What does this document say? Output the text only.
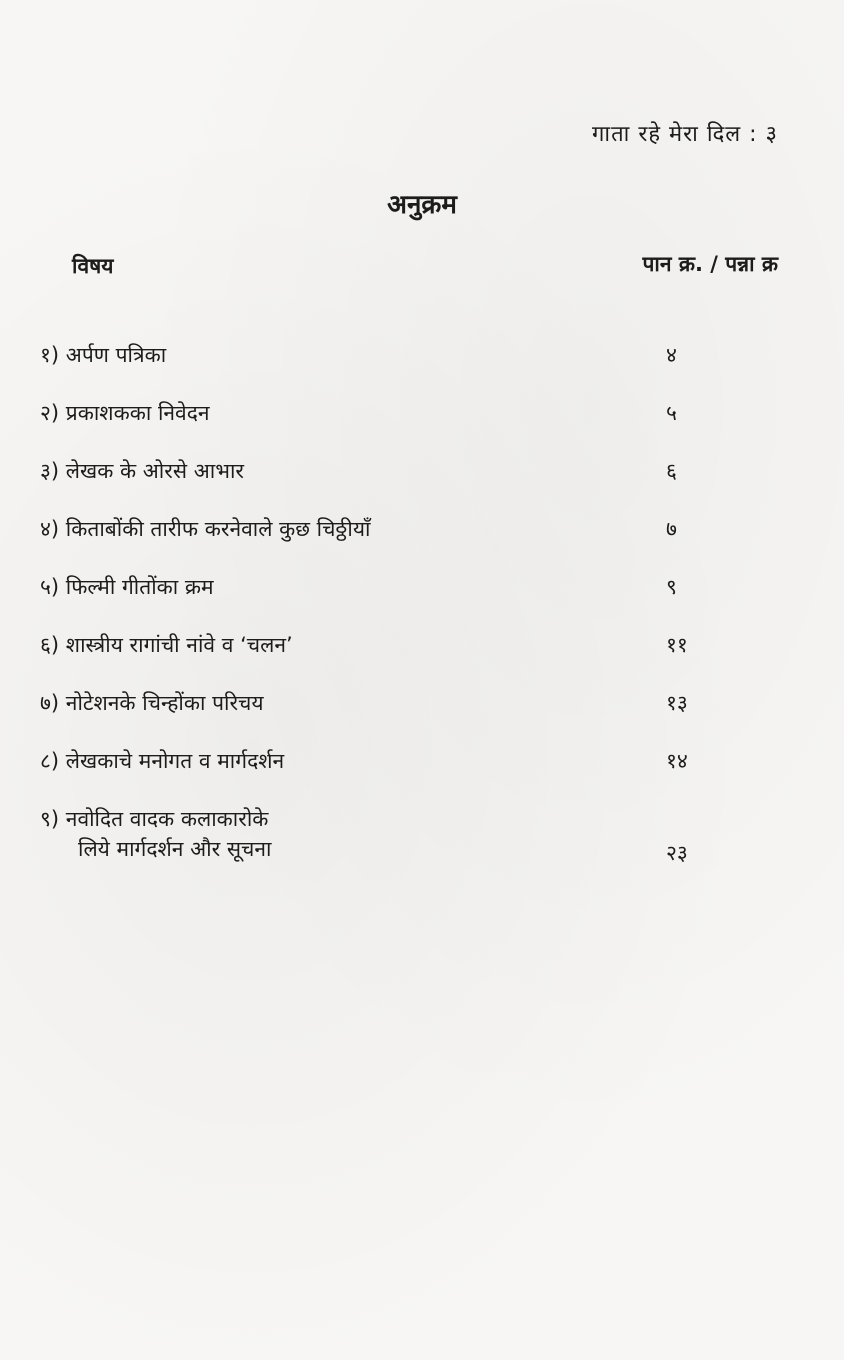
गाता रहे मेरा दिल : ३
अनुक्रम
विषय	पान क्र. / पन्ना क्र
१) अर्पण पत्रिका	४
२) प्रकाशकका निवेदन	५
३) लेखक के ओरसे आभार	६
४) किताबोंकी तारीफ करनेवाले कुछ चिठ्ठीयाँ	७
५) फिल्मी गीतोंका क्रम	९
६) शास्त्रीय रागांची नांवे व ‘चलन’	११
७) नोटेशनके चिन्होंका परिचय	१३
८) लेखकाचे मनोगत व मार्गदर्शन	१४
९) नवोदित वादक कलाकारोके
लिये मार्गदर्शन और सूचना	२३
